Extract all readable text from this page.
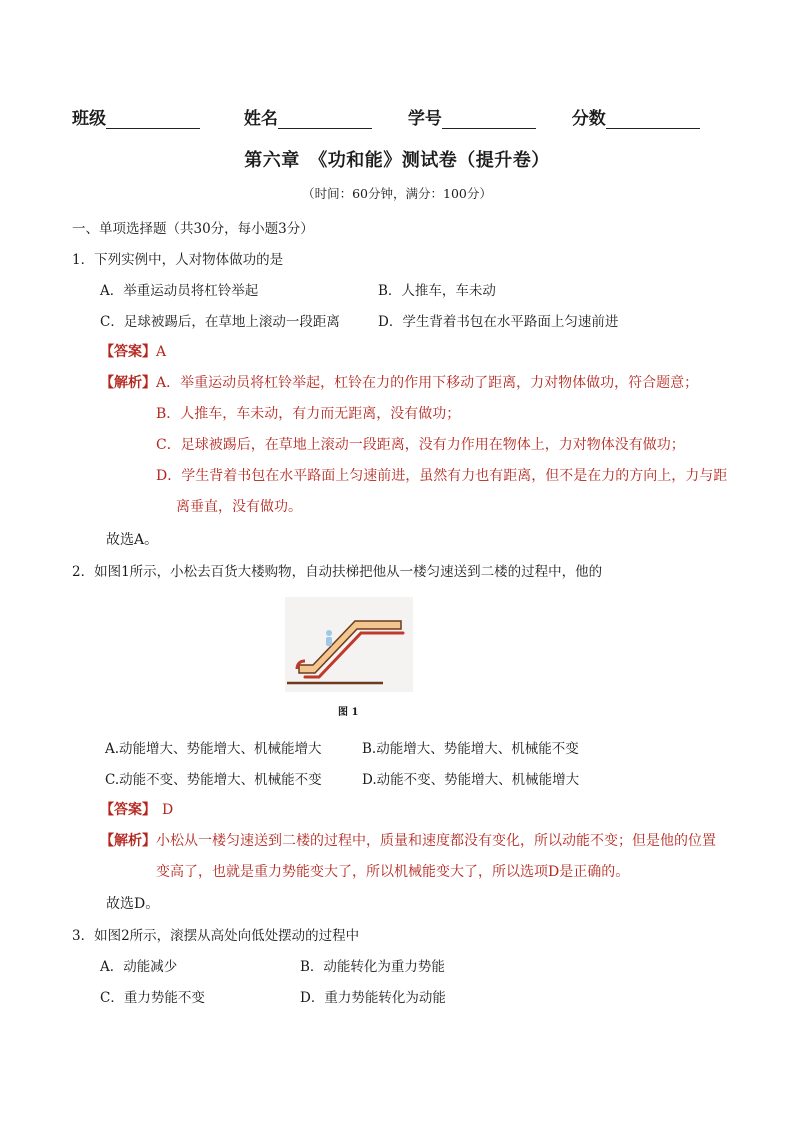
班级	姓名	学号	分数
第六章　《功和能》测试卷（提升卷）
（时间：60分钟，满分：100分）
一、单项选择题（共30分，每小题3分）
1．下列实例中，人对物体做功的是
A．举重运动员将杠铃举起	B．人推车，车未动
C．足球被踢后，在草地上滚动一段距离	D．学生背着书包在水平路面上匀速前进
【答案】A
【解析】A．举重运动员将杠铃举起，杠铃在力的作用下移动了距离，力对物体做功，符合题意；
B．人推车，车未动，有力而无距离，没有做功；
C．足球被踢后，在草地上滚动一段距离，没有力作用在物体上，力对物体没有做功；
D．学生背着书包在水平路面上匀速前进，虽然有力也有距离，但不是在力的方向上，力与距
离垂直，没有做功。
故选A。
2．如图1所示，小松去百货大楼购物，自动扶梯把他从一楼匀速送到二楼的过程中，他的
图 1
A.动能增大、势能增大、机械能增大	B.动能增大、势能增大、机械能不变
C.动能不变、势能增大、机械能不变	D.动能不变、势能增大、机械能增大
【答案】 D
【解析】小松从一楼匀速送到二楼的过程中，质量和速度都没有变化，所以动能不变；但是他的位置
变高了，也就是重力势能变大了，所以机械能变大了，所以选项D是正确的。
故选D。
3．如图2所示，滚摆从高处向低处摆动的过程中
A．动能减少	B．动能转化为重力势能
C．重力势能不变	D．重力势能转化为动能
